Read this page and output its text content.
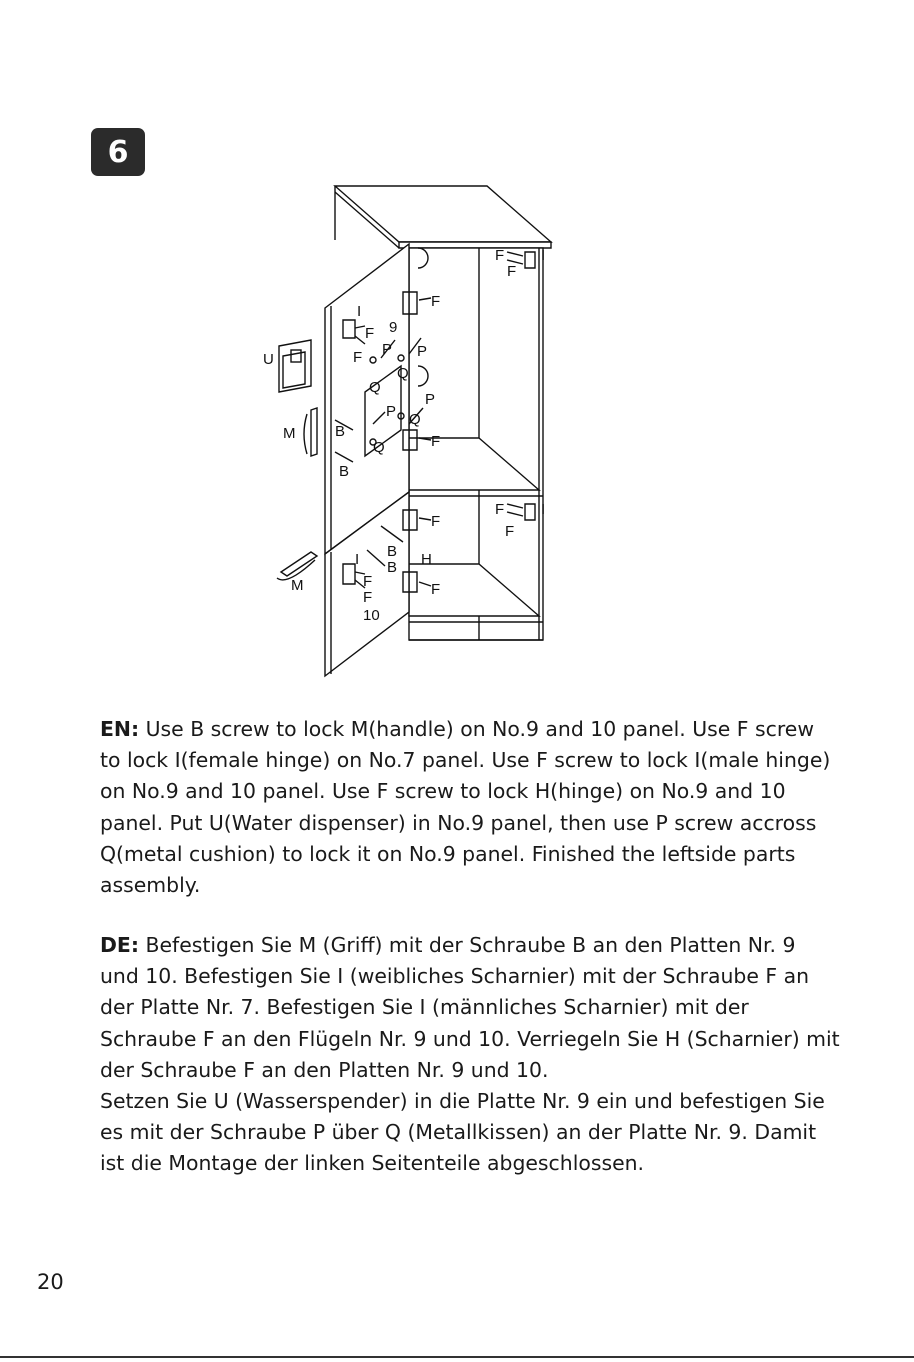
6
F
F
I
F
I
F 9
F P P
U
Q
Q
P
P Q
M	B
Q	F
B
F
F
I
F
B H
I B
M	F
F	F
10
EN: Use B screw to lock M(handle) on No.9 and 10 panel. Use F screw to lock I(female hinge) on No.7 panel. Use F screw to lock I(male hinge) on No.9 and 10 panel. Use F screw to lock H(hinge) on No.9 and 10 panel. Put U(Water dispenser) in No.9 panel, then use P screw accross Q(metal cushion) to lock it on No.9 panel. Finished the leftside parts assembly.
DE: Befestigen Sie M (Griff) mit der Schraube B an den Platten Nr. 9 und 10. Befestigen Sie I (weibliches Scharnier) mit der Schraube F an der Platte Nr. 7. Befestigen Sie I (männliches Scharnier) mit der Schraube F an den Flügeln Nr. 9 und 10. Verriegeln Sie H (Scharnier) mit der Schraube F an den Platten Nr. 9 und 10.
Setzen Sie U (Wasserspender) in die Platte Nr. 9 ein und befestigen Sie es mit der Schraube P über Q (Metallkissen) an der Platte Nr. 9. Damit ist die Montage der linken Seitenteile abgeschlossen.
20
